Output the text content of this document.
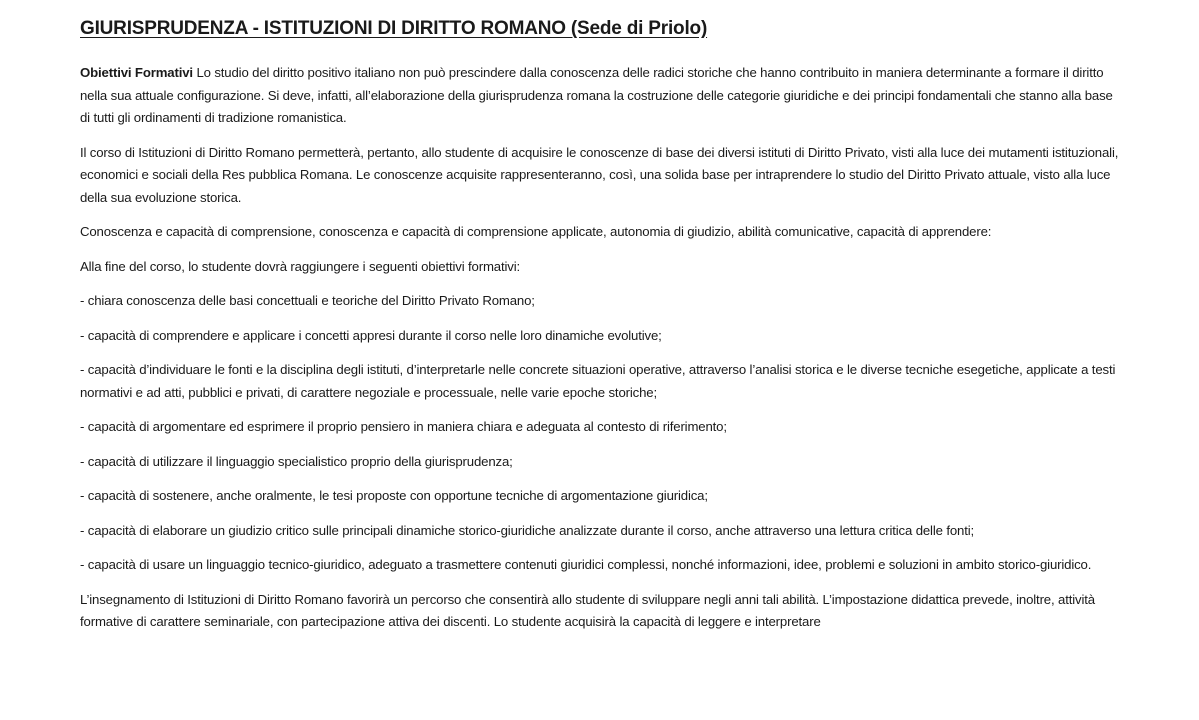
GIURISPRUDENZA - ISTITUZIONI DI DIRITTO ROMANO (Sede di Priolo)

Obiettivi Formativi Lo studio del diritto positivo italiano non può prescindere dalla conoscenza delle radici storiche che hanno contribuito in maniera determinante a formare il diritto nella sua attuale configurazione. Si deve, infatti, all’elaborazione della giurisprudenza romana la costruzione delle categorie giuridiche e dei principi fondamentali che stanno alla base di tutti gli ordinamenti di tradizione romanistica.

Il corso di Istituzioni di Diritto Romano permetterà, pertanto, allo studente di acquisire le conoscenze di base dei diversi istituti di Diritto Privato, visti alla luce dei mutamenti istituzionali, economici e sociali della Res pubblica Romana. Le conoscenze acquisite rappresenteranno, così, una solida base per intraprendere lo studio del Diritto Privato attuale, visto alla luce della sua evoluzione storica.

Conoscenza e capacità di comprensione, conoscenza e capacità di comprensione applicate, autonomia di giudizio, abilità comunicative, capacità di apprendere:

Alla fine del corso, lo studente dovrà raggiungere i seguenti obiettivi formativi:

- chiara conoscenza delle basi concettuali e teoriche del Diritto Privato Romano;

- capacità di comprendere e applicare i concetti appresi durante il corso nelle loro dinamiche evolutive;

- capacità d’individuare le fonti e la disciplina degli istituti, d’interpretarle nelle concrete situazioni operative, attraverso l’analisi storica e le diverse tecniche esegetiche, applicate a testi normativi e ad atti, pubblici e privati, di carattere negoziale e processuale, nelle varie epoche storiche;

- capacità di argomentare ed esprimere il proprio pensiero in maniera chiara e adeguata al contesto di riferimento;

- capacità di utilizzare il linguaggio specialistico proprio della giurisprudenza;

- capacità di sostenere, anche oralmente, le tesi proposte con opportune tecniche di argomentazione giuridica;

- capacità di elaborare un giudizio critico sulle principali dinamiche storico-giuridiche analizzate durante il corso, anche attraverso una lettura critica delle fonti;

- capacità di usare un linguaggio tecnico-giuridico, adeguato a trasmettere contenuti giuridici complessi, nonché informazioni, idee, problemi e soluzioni in ambito storico-giuridico.

L’insegnamento di Istituzioni di Diritto Romano favorirà un percorso che consentirà allo studente di sviluppare negli anni tali abilità. L’impostazione didattica prevede, inoltre, attività formative di carattere seminariale, con partecipazione attiva dei discenti. Lo studente acquisirà la capacità di leggere e interpretare
